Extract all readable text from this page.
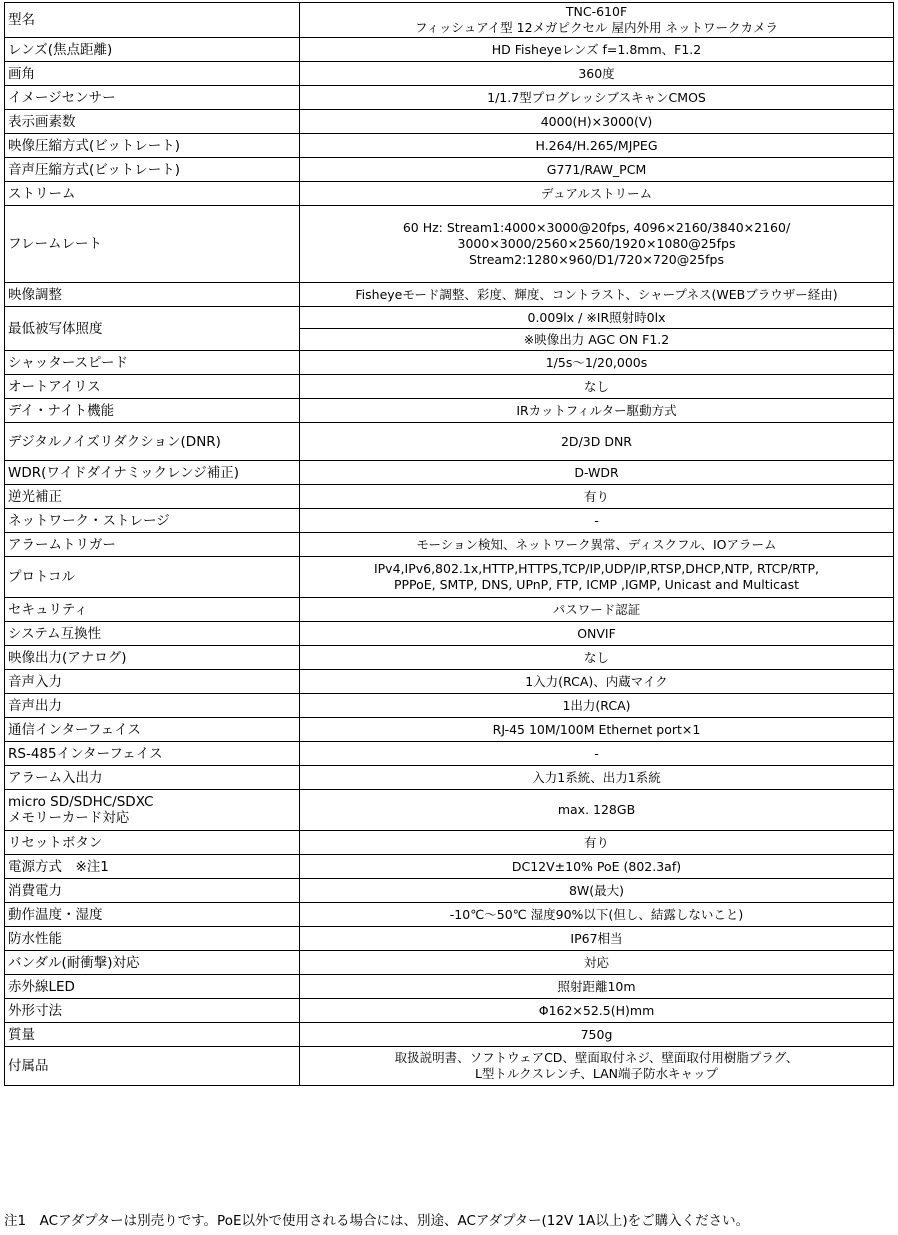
型名	TNC-610F
フィッシュアイ型 12メガピクセル 屋内外用 ネットワークカメラ
レンズ(焦点距離)	HD Fisheyeレンズ f=1.8mm、F1.2
画角	360度
イメージセンサー	1/1.7型プログレッシブスキャンCMOS
表示画素数	4000(H)×3000(V)
映像圧縮方式(ビットレート)	H.264/H.265/MJPEG
音声圧縮方式(ビットレート)	G771/RAW_PCM
ストリーム	デュアルストリーム
フレームレート	60 Hz: Stream1:4000×3000@20fps, 4096×2160/3840×2160/
3000×3000/2560×2560/1920×1080@25fps
Stream2:1280×960/D1/720×720@25fps
映像調整	Fisheyeモード調整、彩度、輝度、コントラスト、シャープネス(WEBブラウザー経由)
最低被写体照度	0.009lx / ※IR照射時0lx
	※映像出力 AGC ON F1.2
シャッタースピード	1/5s～1/20,000s
オートアイリス	なし
デイ・ナイト機能	IRカットフィルター駆動方式
デジタルノイズリダクション(DNR)	2D/3D DNR
WDR(ワイドダイナミックレンジ補正)	D-WDR
逆光補正	有り
ネットワーク・ストレージ	-
アラームトリガー	モーション検知、ネットワーク異常、ディスクフル、IOアラーム
プロトコル	IPv4,IPv6,802.1x,HTTP,HTTPS,TCP/IP,UDP/IP,RTSP,DHCP,NTP, RTCP/RTP,
PPPoE, SMTP, DNS, UPnP, FTP, ICMP ,IGMP, Unicast and Multicast
セキュリティ	パスワード認証
システム互換性	ONVIF
映像出力(アナログ)	なし
音声入力	1入力(RCA)、内蔵マイク
音声出力	1出力(RCA)
通信インターフェイス	RJ-45 10M/100M Ethernet port×1
RS-485インターフェイス	-
アラーム入出力	入力1系統、出力1系統
micro SD/SDHC/SDXC
メモリーカード対応	max. 128GB
リセットボタン	有り
電源方式　※注1	DC12V±10% PoE (802.3af)
消費電力	8W(最大)
動作温度・湿度	-10℃～50℃ 湿度90%以下(但し、結露しないこと)
防水性能	IP67相当
バンダル(耐衝撃)対応	対応
赤外線LED	照射距離10m
外形寸法	Φ162×52.5(H)mm
質量	750g
付属品	取扱説明書、ソフトウェアCD、壁面取付ネジ、壁面取付用樹脂プラグ、
L型トルクスレンチ、LAN端子防水キャップ
注1　ACアダプターは別売りです。PoE以外で使用される場合には、別途、ACアダプター(12V 1A以上)をご購入ください。
